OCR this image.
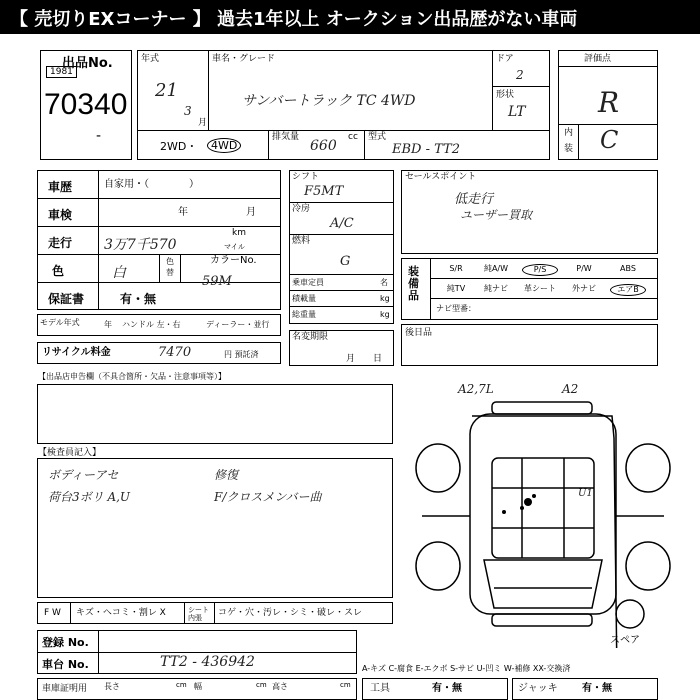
【 売切りEXコーナー 】 過去1年以上 オークション出品歴がない車両
出品No.
1981
70340
-
年式
21
3
月
車名・グレード
サンバートラック TC 4WD
ドア
2
形状
LT
2WD・	4WD
排気量
660
cc 型式
EBD - TT2
評価点
R
内
装 C
車歴	自家用・（　　　　）
車検	年	月
走行 3万7千570
km
マイル
色	白
色
替
カラーNo.
59M
保証書	有・無
モデル年式	年 ハンドル 左・右	ディーラー・並行
リサイクル料金	7470	円 預託済
シフト
F5MT
冷房
A/C
燃料
G
乗車定員	名
積載量	kg
総重量	kg
名変期限
月日
セールスポイント
低走行
ユーザー買取
装備品
S/R	純A/W	P/S	P/W	ABS
純TV	純ナビ	革シート	外ナビ	エアB
ナビ型番：
後日品
【出品店申告欄（不具合箇所・欠品・注意事項等）】
【検査員記入】
ボディーアセ
荷台3ボリ A,U
修復
F/クロスメンバー曲
A2,7L	A2
U1
スペア
F W キズ・ヘコミ・割レ X	シート 内張	コゲ・穴・汚レ・シミ・破レ・スレ
登録 No.
車台 No.	TT2 - 436942	A-キズ C-腐食 E-エクボ S-サビ U-凹ミ W-補修 XX-交換済
車庫証明用 長さ	cm 幅	cm 高さ	cm 工具	有・無	ジャッキ 有・無
